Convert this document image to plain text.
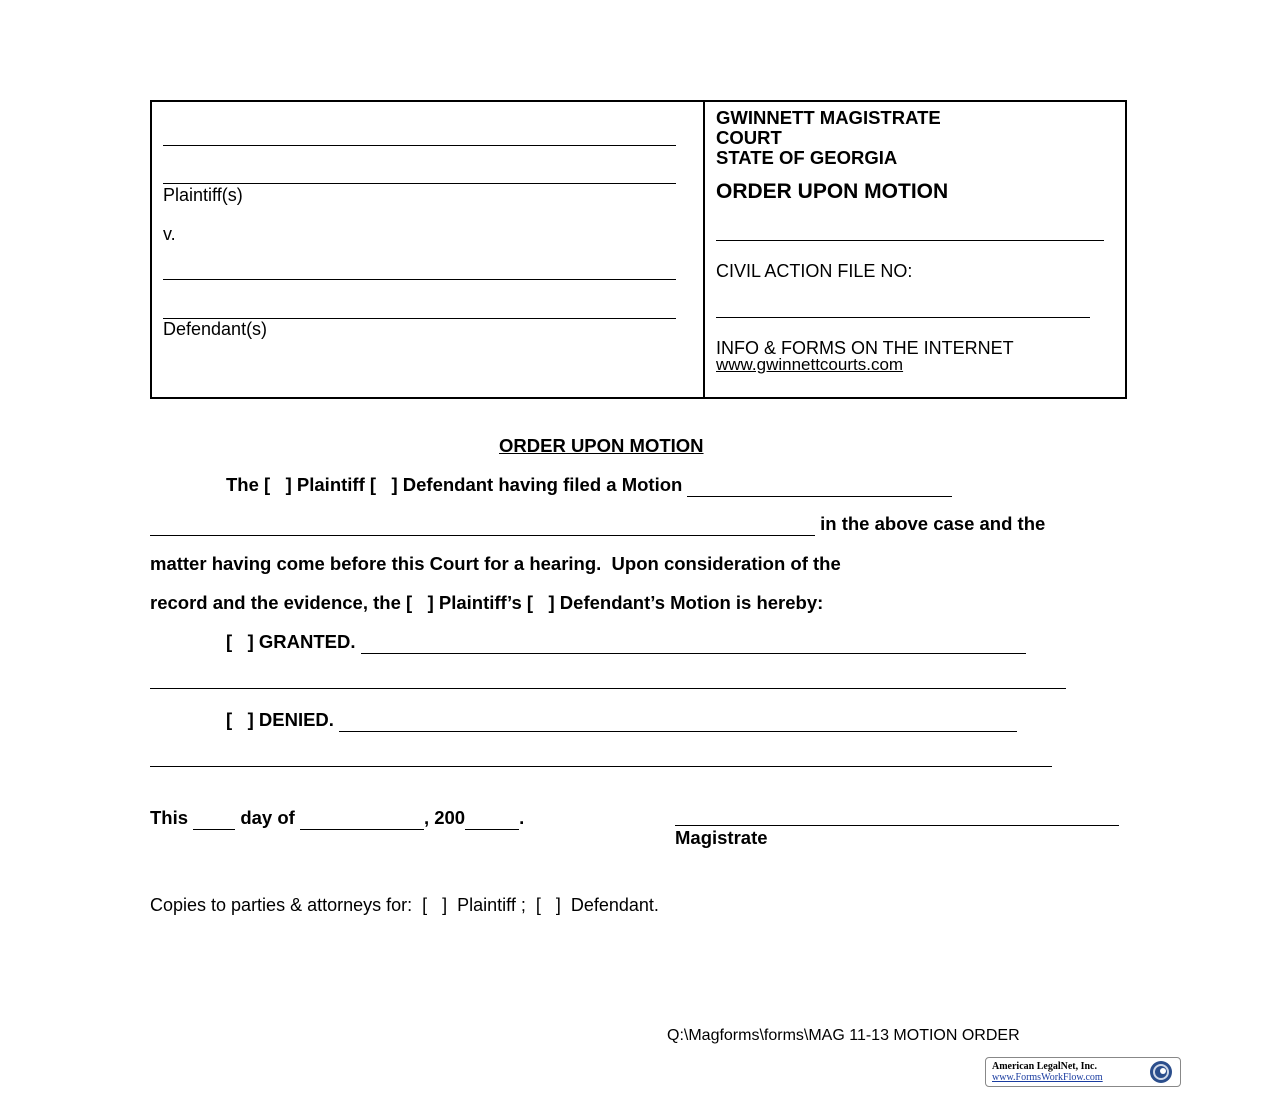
Plaintiff(s)
v.
Defendant(s)
GWINNETT MAGISTRATE
COURT
STATE OF GEORGIA
ORDER UPON MOTION
CIVIL ACTION FILE NO:
INFO & FORMS ON THE INTERNET
www.gwinnettcourts.com
ORDER UPON MOTION
The [   ] Plaintiff [   ] Defendant having filed a Motion
in the above case and the
matter having come before this Court for a hearing.  Upon consideration of the
record and the evidence, the [   ] Plaintiff’s [   ] Defendant’s Motion is hereby:
[   ] GRANTED.
[   ] DENIED.
This	day of	, 200	.
Magistrate
Copies to parties & attorneys for:  [   ]  Plaintiff ;  [   ]  Defendant.
Q:\Magforms\forms\MAG 11-13 MOTION ORDER
American LegalNet, Inc.
www.FormsWorkFlow.com
